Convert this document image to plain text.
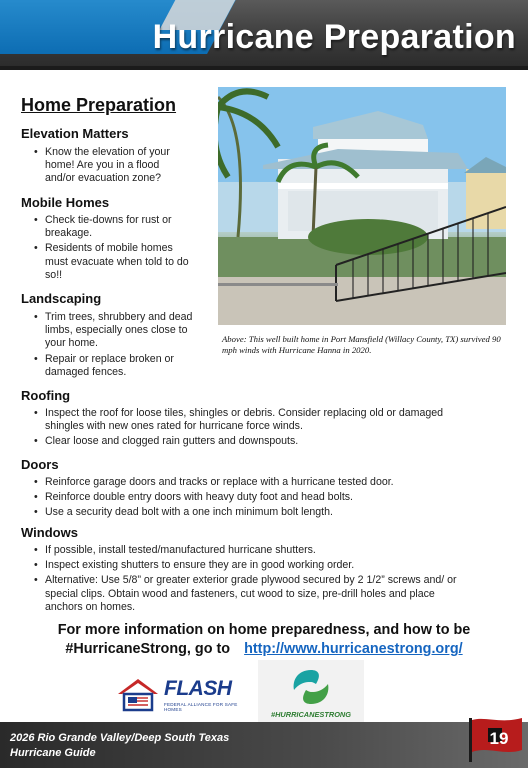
Hurricane Preparation
Home Preparation
Elevation Matters
• Know the elevation of your home! Are you in a flood and/or evacuation zone?
Mobile Homes
• Check tie-downs for rust or breakage.
• Residents of mobile homes must evacuate when told to do so!!
Landscaping
• Trim trees, shrubbery and dead limbs, especially ones close to your home.
• Repair or replace broken or damaged fences.

Above: This well built home in Port Mansfield (Willacy County, TX) survived 90 mph winds with Hurricane Hanna in 2020.

Roofing
• Inspect the roof for loose tiles, shingles or debris. Consider replacing old or damaged shingles with new ones rated for hurricane force winds.
• Clear loose and clogged rain gutters and downspouts.
Doors
• Reinforce garage doors and tracks or replace with a hurricane tested door.
• Reinforce double entry doors with heavy duty foot and head bolts.
• Use a security dead bolt with a one inch minimum bolt length.
Windows
• If possible, install tested/manufactured hurricane shutters.
• Inspect existing shutters to ensure they are in good working order.
• Alternative: Use 5/8” or greater exterior grade plywood secured by 2 1/2” screws and/ or special clips. Obtain wood and fasteners, cut wood to size, pre-drill holes and place anchors on homes.

For more information on home preparedness, and how to be
#HurricaneStrong, go to http://www.hurricanestrong.org/

FLASH
FEDERAL ALLIANCE FOR SAFE HOMES
#HURRICANESTRONG

2026 Rio Grande Valley/Deep South Texas
Hurricane Guide

19
